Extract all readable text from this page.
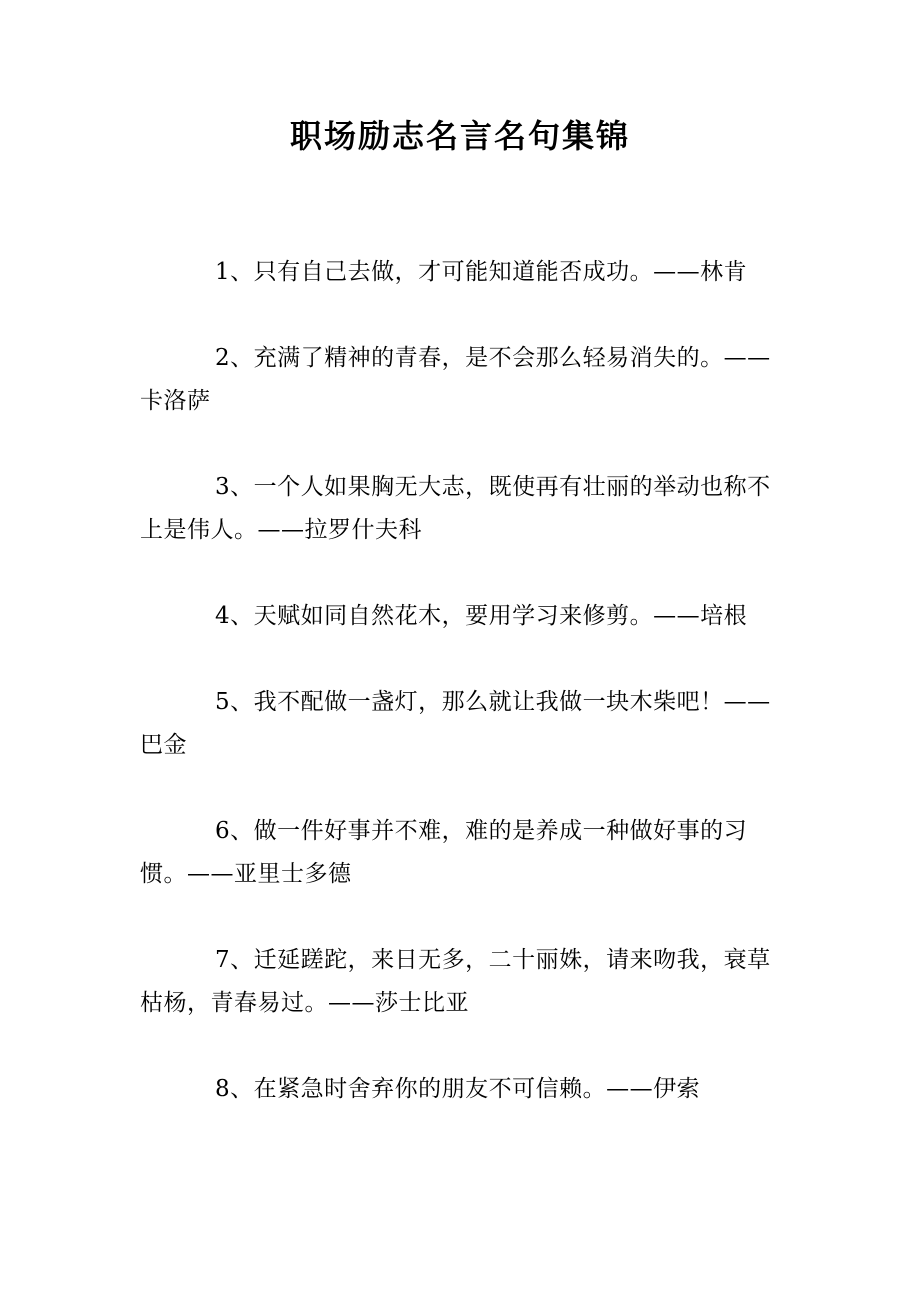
职场励志名言名句集锦

1、只有自己去做，才可能知道能否成功。——林肯

2、充满了精神的青春，是不会那么轻易消失的。——卡洛萨

3、一个人如果胸无大志，既使再有壮丽的举动也称不上是伟人。——拉罗什夫科

4、天赋如同自然花木，要用学习来修剪。——培根

5、我不配做一盏灯，那么就让我做一块木柴吧！——巴金

6、做一件好事并不难，难的是养成一种做好事的习惯。——亚里士多德

7、迁延蹉跎，来日无多，二十丽姝，请来吻我，衰草枯杨，青春易过。——莎士比亚

8、在紧急时舍弃你的朋友不可信赖。——伊索
